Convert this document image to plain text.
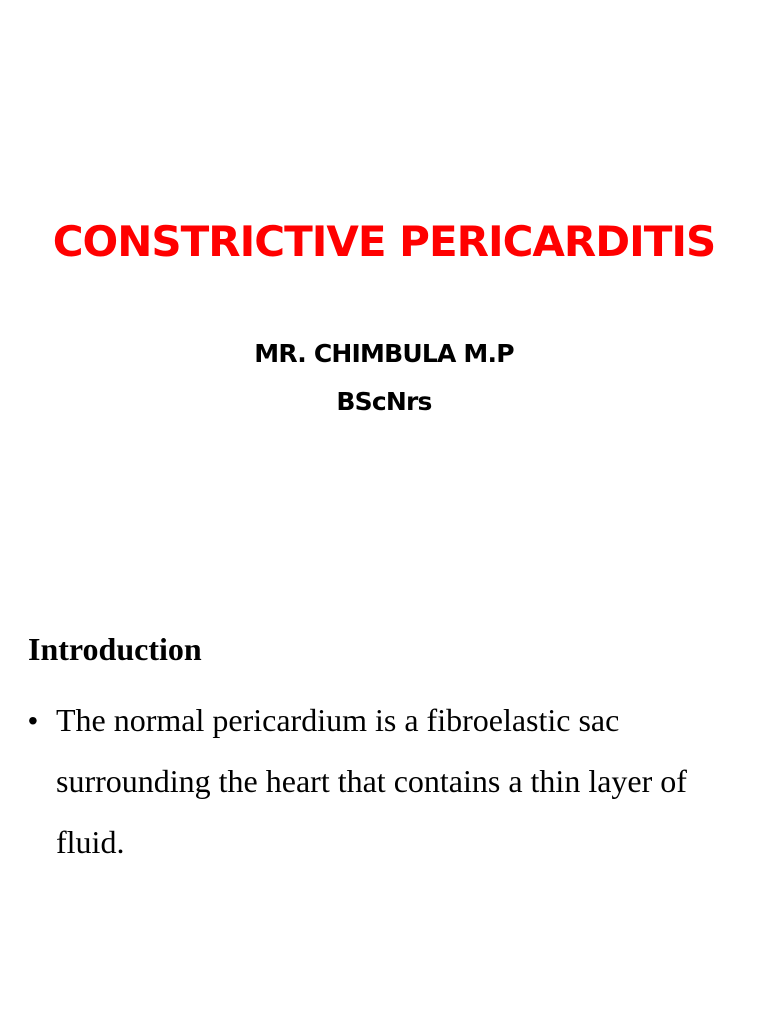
CONSTRICTIVE PERICARDITIS
MR. CHIMBULA M.P
BScNrs
Introduction
• The normal pericardium is a fibroelastic sac surrounding the heart that contains a thin layer of fluid.
